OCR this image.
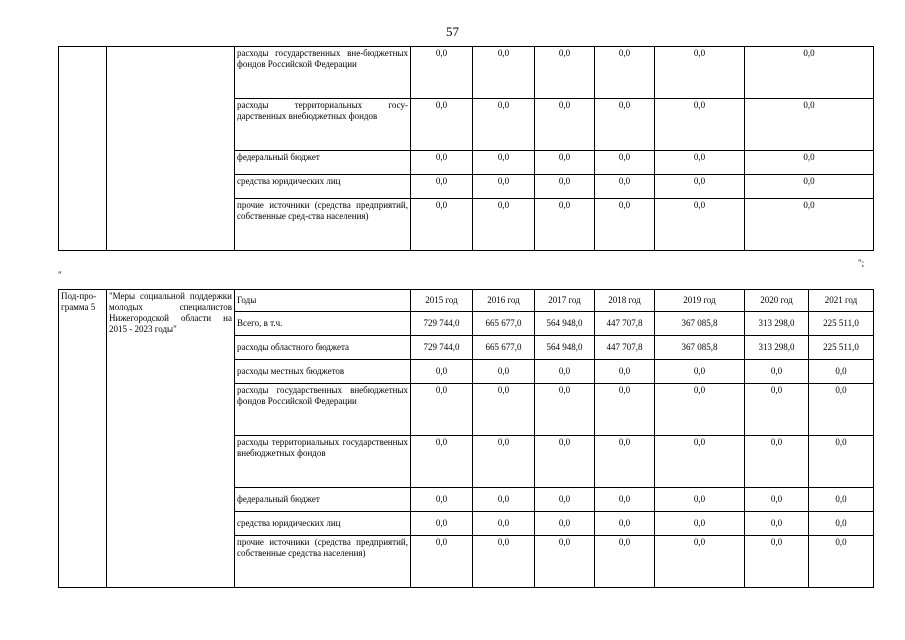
57
		расходы государственных вне-бюджетных фондов Российской Федерации	0,0	0,0	0,0	0,0	0,0	0,0
		расходы территориальных госу-дарственных внебюджетных фондов	0,0	0,0	0,0	0,0	0,0	0,0
		федеральный бюджет	0,0	0,0	0,0	0,0	0,0	0,0
		средства юридических лиц	0,0	0,0	0,0	0,0	0,0	0,0
		прочие источники (средства предприятий, собственные сред-ства населения)	0,0	0,0	0,0	0,0	0,0	0,0
";
"
Под-про-грамма 5	"Меры социальной поддержки молодых специалистов Нижегородской области на 2015 - 2023 годы"	Годы	2015 год	2016 год	2017 год	2018 год	2019 год	2020 год	2021 год
		Всего, в т.ч.	729 744,0	665 677,0	564 948,0	447 707,8	367 085,8	313 298,0	225 511,0
		расходы областного бюджета	729 744,0	665 677,0	564 948,0	447 707,8	367 085,8	313 298,0	225 511,0
		расходы местных бюджетов	0,0	0,0	0,0	0,0	0,0	0,0	0,0
		расходы государственных внебюджетных фондов Российской Федерации	0,0	0,0	0,0	0,0	0,0	0,0	0,0
		расходы территориальных государственных внебюджетных фондов	0,0	0,0	0,0	0,0	0,0	0,0	0,0
		федеральный бюджет	0,0	0,0	0,0	0,0	0,0	0,0	0,0
		средства юридических лиц	0,0	0,0	0,0	0,0	0,0	0,0	0,0
		прочие источники (средства предприятий, собственные средства населения)	0,0	0,0	0,0	0,0	0,0	0,0	0,0
